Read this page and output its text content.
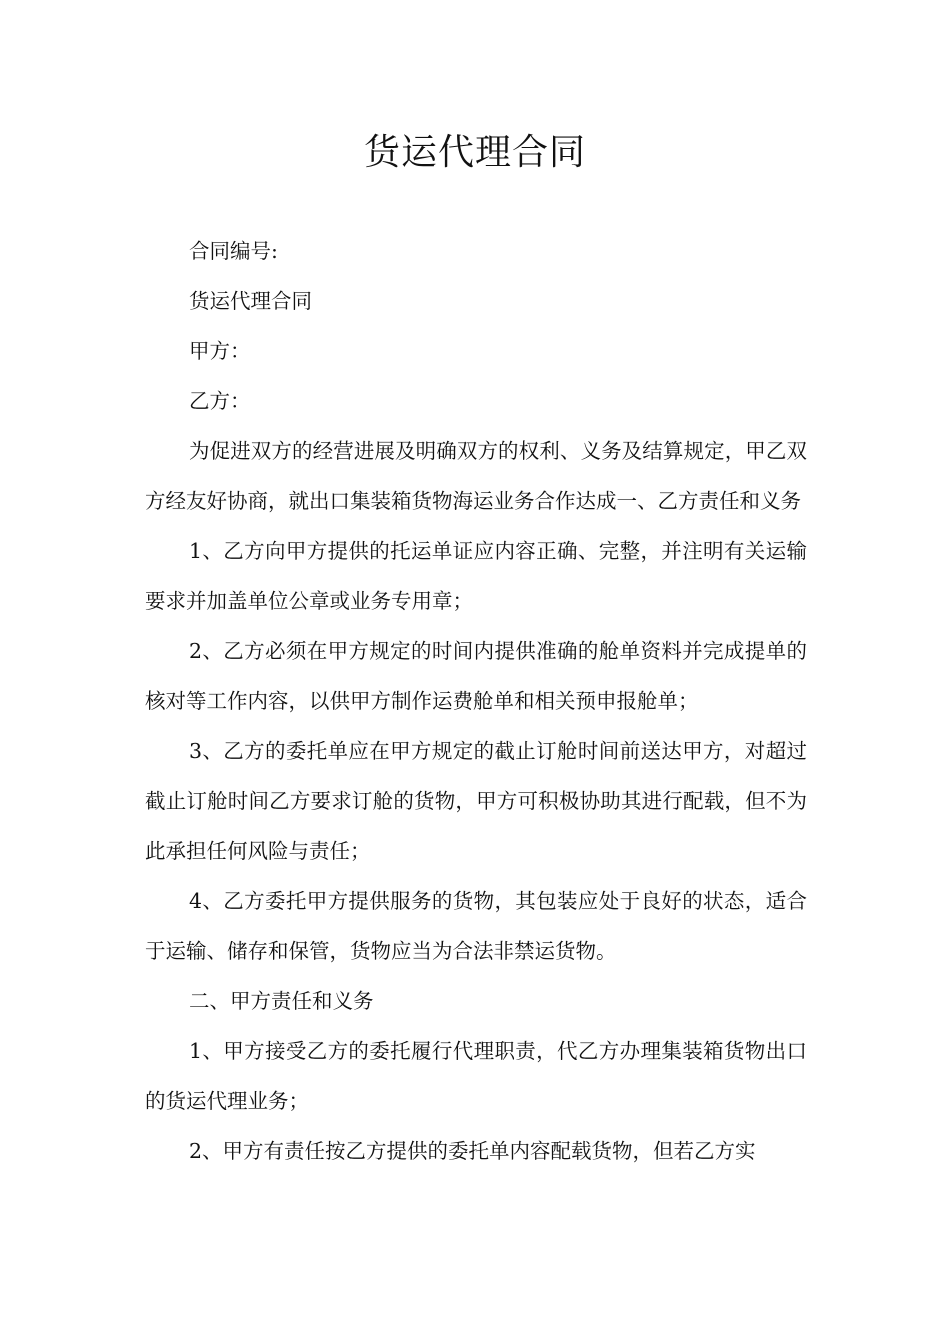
货运代理合同

合同编号:

货运代理合同

甲方：

乙方：

为促进双方的经营进展及明确双方的权利、义务及结算规定，甲乙双方经友好协商，就出口集装箱货物海运业务合作达成一、乙方责任和义务

1、乙方向甲方提供的托运单证应内容正确、完整，并注明有关运输要求并加盖单位公章或业务专用章；

2、乙方必须在甲方规定的时间内提供准确的舱单资料并完成提单的核对等工作内容，以供甲方制作运费舱单和相关预申报舱单；

3、乙方的委托单应在甲方规定的截止订舱时间前送达甲方，对超过截止订舱时间乙方要求订舱的货物，甲方可积极协助其进行配载，但不为此承担任何风险与责任；

4、乙方委托甲方提供服务的货物，其包装应处于良好的状态，适合于运输、储存和保管，货物应当为合法非禁运货物。

二、甲方责任和义务

1、甲方接受乙方的委托履行代理职责，代乙方办理集装箱货物出口的货运代理业务；

2、甲方有责任按乙方提供的委托单内容配载货物，但若乙方实
